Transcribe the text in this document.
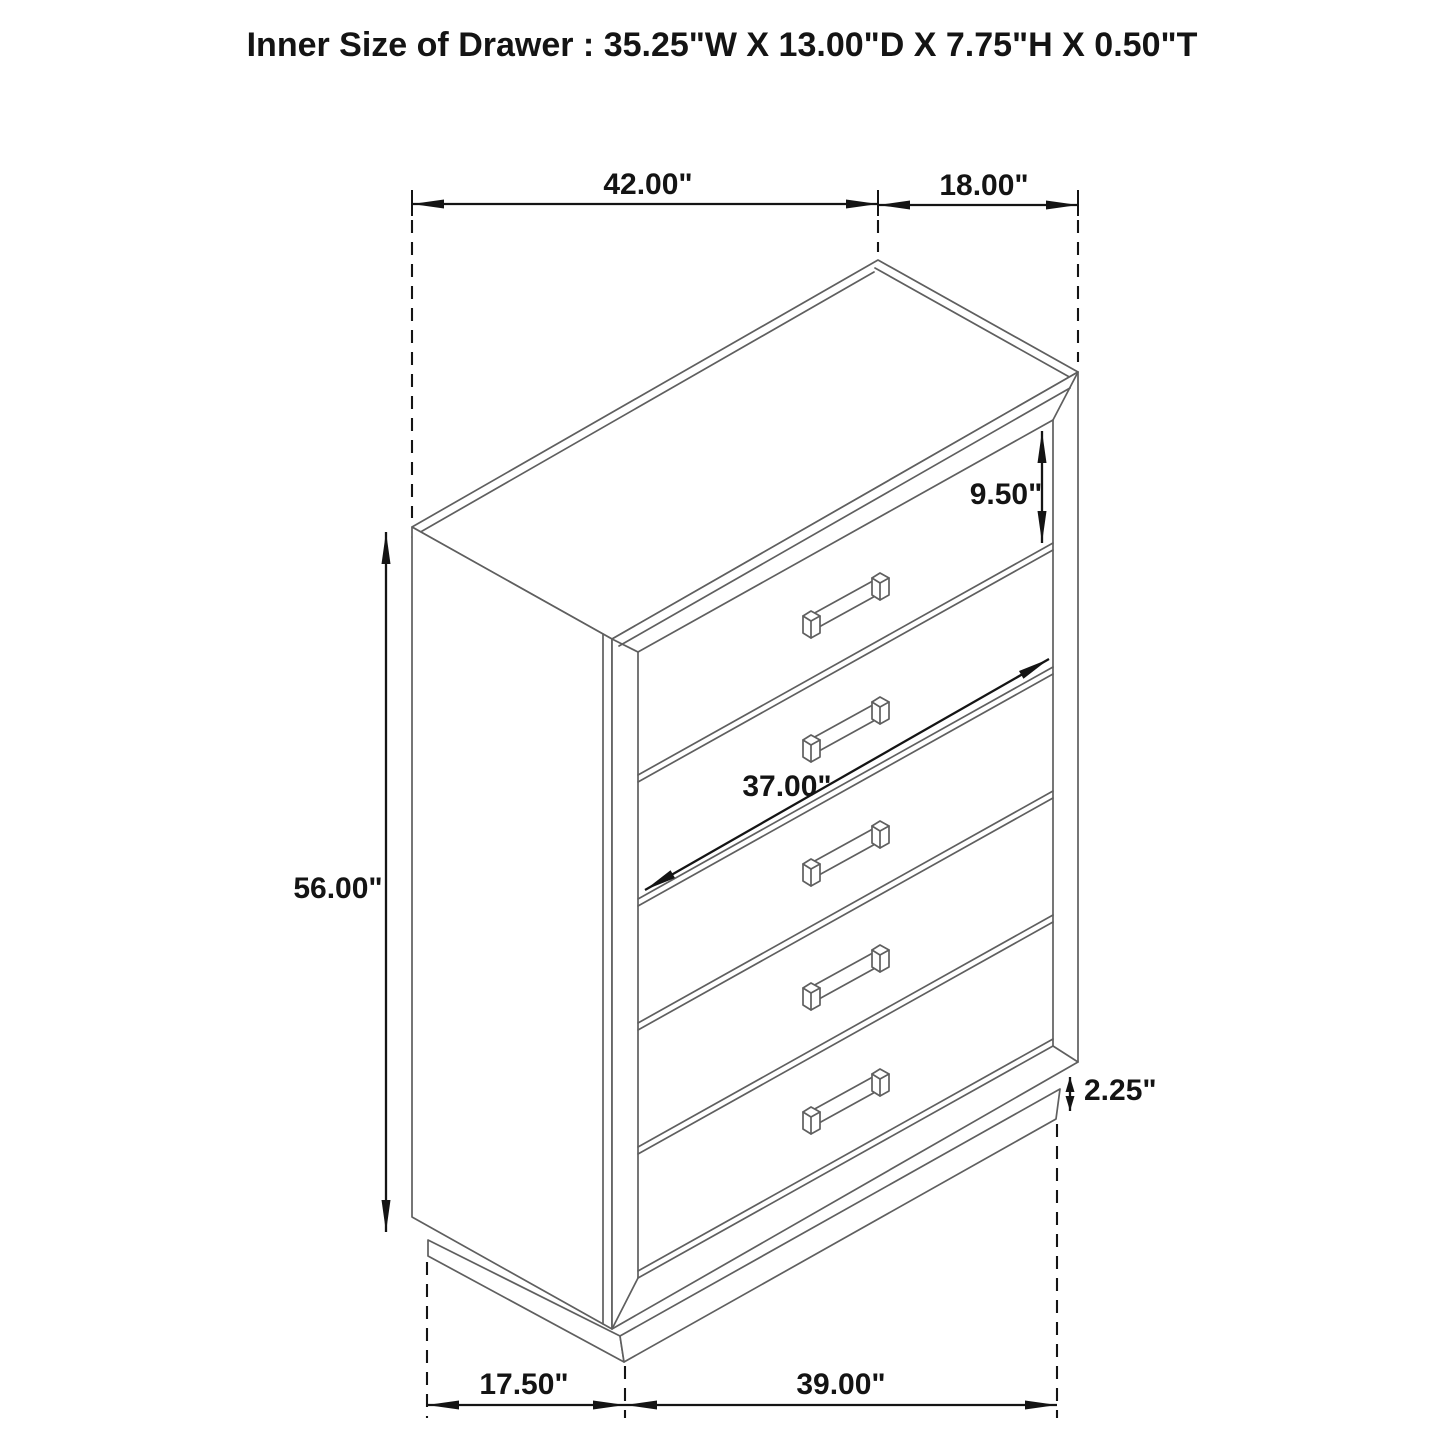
Inner Size of Drawer : 35.25"W X 13.00"D X 7.75"H X 0.50"T
42.00"	18.00"
56.00"
9.50"
37.00"
2.25"
17.50"	39.00"
